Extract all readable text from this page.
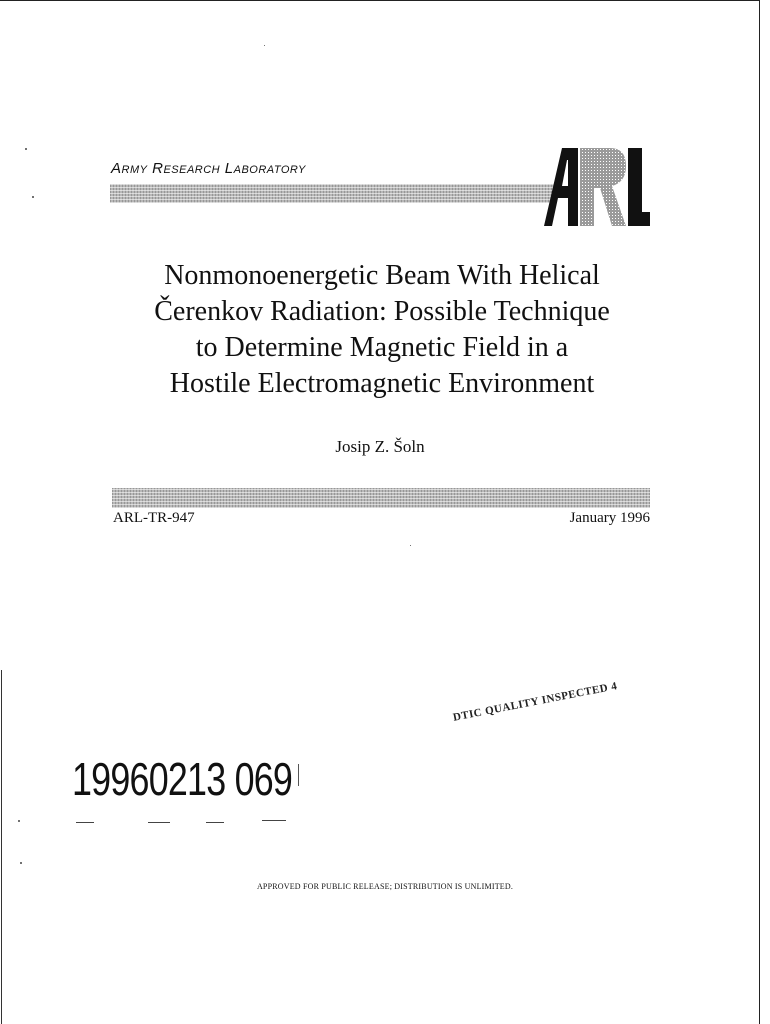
Army Research Laboratory
Nonmonoenergetic Beam With Helical
Čerenkov Radiation: Possible Technique
to Determine Magnetic Field in a
Hostile Electromagnetic Environment
Josip Z. Šoln
ARL-TR-947	January 1996
DTIC QUALITY INSPECTED 4
19960213 069
APPROVED FOR PUBLIC RELEASE; DISTRIBUTION IS UNLIMITED.
